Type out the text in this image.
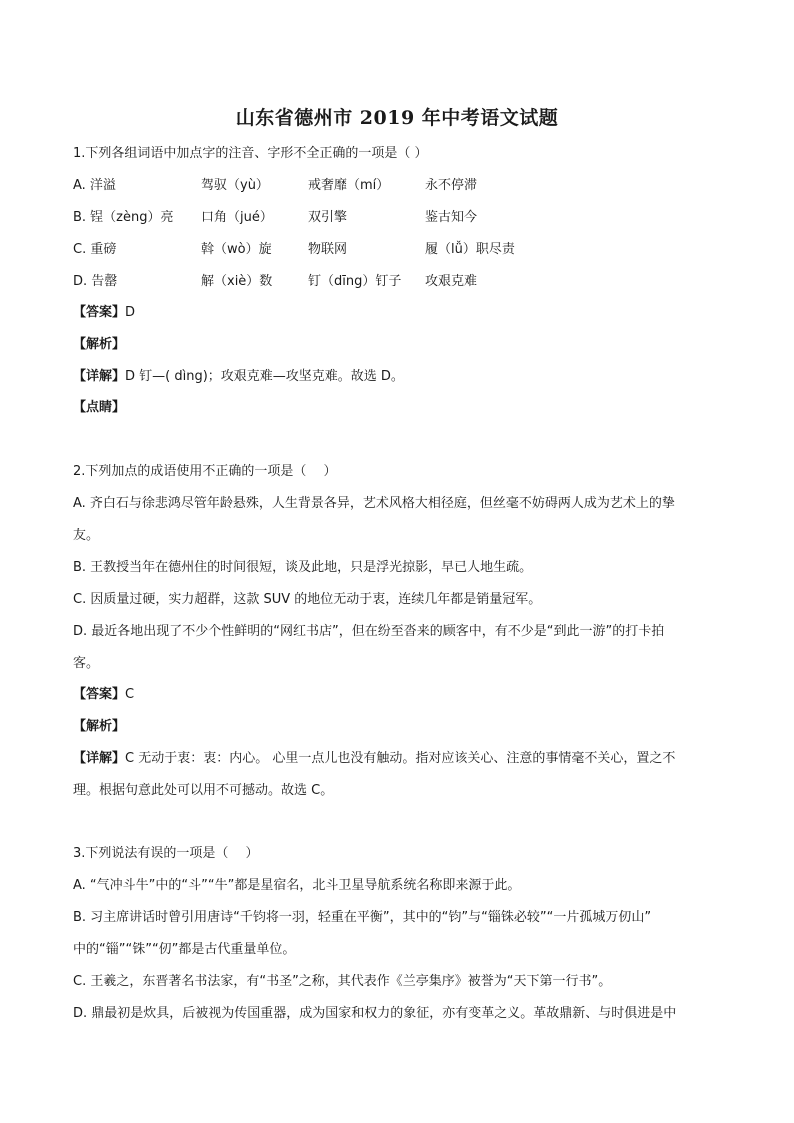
山东省德州市 2019 年中考语文试题
1.下列各组词语中加点字的注音、字形不全正确的一项是（ ）
A. 洋溢	驾驭（yù）	戒奢靡（mí）	永不停滞
B. 锃（zèng）亮 口角（jué）	双引擎	鉴古知今
C. 重磅	斡（wò）旋	物联网	履（lǚ）职尽责
D. 告罄	解（xiè）数	钉（dīng）钉子 攻艰克难
【答案】D
【解析】
【详解】D 钉—( dìng)；攻艰克难—攻坚克难。故选 D。
【点睛】
2.下列加点的成语使用不正确的一项是（　 ）
A. 齐白石与徐悲鸿尽管年龄悬殊，人生背景各异，艺术风格大相径庭，但丝毫不妨碍两人成为艺术上的挚
友。
B. 王教授当年在德州住的时间很短，谈及此地，只是浮光掠影，早已人地生疏。
C. 因质量过硬，实力超群，这款 SUV 的地位无动于衷，连续几年都是销量冠军。
D. 最近各地出现了不少个性鲜明的“网红书店”，但在纷至沓来的顾客中，有不少是“到此一游”的打卡拍
客。
【答案】C
【解析】
【详解】C 无动于衷：衷：内心。 心里一点儿也没有触动。指对应该关心、注意的事情毫不关心，置之不
理。根据句意此处可以用不可撼动。故选 C。
3.下列说法有误的一项是（　 ）
A. “气冲斗牛”中的“斗”“牛”都是星宿名，北斗卫星导航系统名称即来源于此。
B. 习主席讲话时曾引用唐诗“千钧将一羽，轻重在平衡”，其中的“钧”与“锱铢必较”“一片孤城万仞山”
中的“锱”“铢”“仞”都是古代重量单位。
C. 王羲之，东晋著名书法家，有“书圣”之称，其代表作《兰亭集序》被誉为“天下第一行书”。
D. 鼎最初是炊具，后被视为传国重器，成为国家和权力的象征，亦有变革之义。革故鼎新、与时俱进是中
